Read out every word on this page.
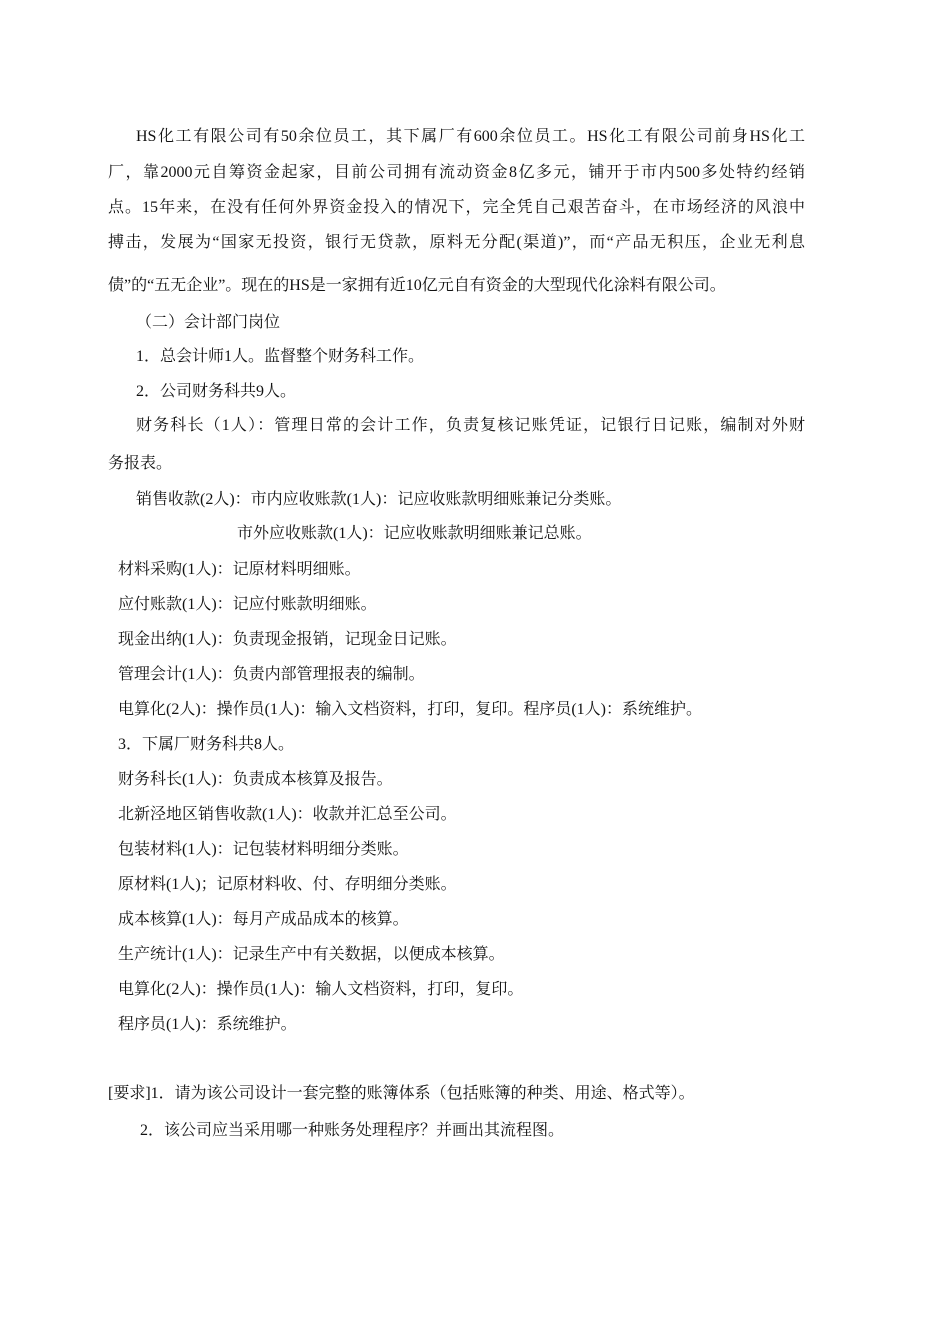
HS化工有限公司有50余位员工，其下属厂有600余位员工。HS化工有限公司前身HS化工
厂，靠2000元自筹资金起家，目前公司拥有流动资金8亿多元，铺开于市内500多处特约经销
点。15年来，在没有任何外界资金投入的情况下，完全凭自己艰苦奋斗，在市场经济的风浪中
搏击，发展为“国家无投资，银行无贷款，原料无分配(渠道)”，而“产品无积压，企业无利息
债”的“五无企业”。现在的HS是一家拥有近10亿元自有资金的大型现代化涂料有限公司。
（二）会计部门岗位
1．总会计师1人。监督整个财务科工作。
2．公司财务科共9人。
财务科长（1人）：管理日常的会计工作，负责复核记账凭证，记银行日记账，编制对外财
务报表。
销售收款(2人)：市内应收账款(1人)：记应收账款明细账兼记分类账。
市外应收账款(1人)：记应收账款明细账兼记总账。
材料采购(1人)：记原材料明细账。
应付账款(1人)：记应付账款明细账。
现金出纳(1人)：负责现金报销，记现金日记账。
管理会计(1人)：负责内部管理报表的编制。
电算化(2人)：操作员(1人)：输入文档资料，打印，复印。程序员(1人)：系统维护。
3．下属厂财务科共8人。
财务科长(1人)：负责成本核算及报告。
北新泾地区销售收款(1人)：收款并汇总至公司。
包装材料(1人)：记包装材料明细分类账。
原材料(1人)；记原材料收、付、存明细分类账。
成本核算(1人)：每月产成品成本的核算。
生产统计(1人)：记录生产中有关数据，以便成本核算。
电算化(2人)：操作员(1人)：输人文档资料，打印，复印。
程序员(1人)：系统维护。
[要求]1．请为该公司设计一套完整的账簿体系（包括账簿的种类、用途、格式等）。
2．该公司应当采用哪一种账务处理程序？并画出其流程图。
